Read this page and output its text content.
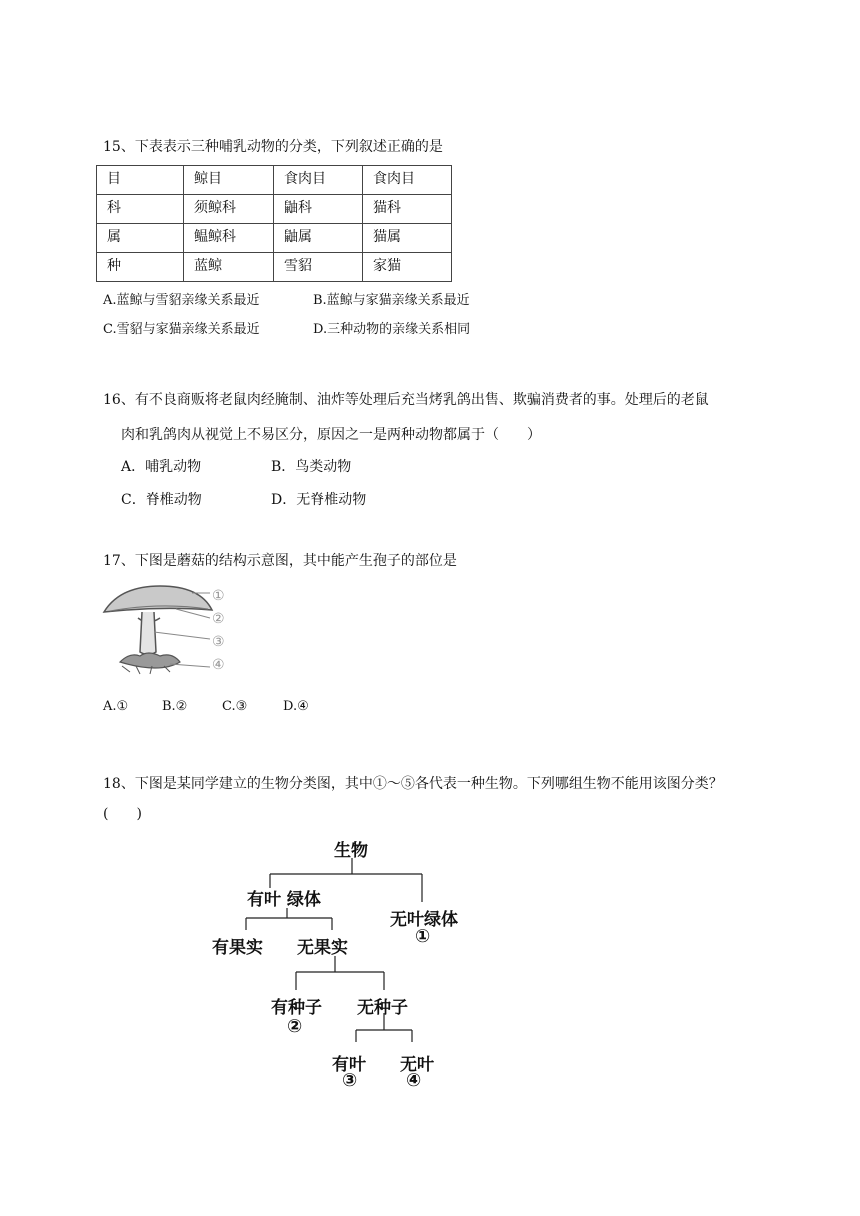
15、下表表示三种哺乳动物的分类，下列叙述正确的是
目	鲸目	食肉目	食肉目
科	须鲸科	鼬科	猫科
属	鳁鲸科	鼬属	猫属
种	蓝鲸	雪貂	家猫
A.蓝鲸与雪貂亲缘关系最近	B.蓝鲸与家猫亲缘关系最近
C.雪貂与家猫亲缘关系最近	D.三种动物的亲缘关系相同
16、有不良商贩将老鼠肉经腌制、油炸等处理后充当烤乳鸽出售、欺骗消费者的事。处理后的老鼠
肉和乳鸽肉从视觉上不易区分，原因之一是两种动物都属于（　　）
A．哺乳动物	B．鸟类动物
C．脊椎动物	D．无脊椎动物
17、下图是蘑菇的结构示意图，其中能产生孢子的部位是
①
②
③
④
A.①	B.②	C.③	D.④
18、下图是某同学建立的生物分类图，其中①～⑤各代表一种生物。下列哪组生物不能用该图分类？
(　　)
生物
有叶 绿体
无叶绿体
①
有果实 无果实
有种子
②
无种子
有叶
③
无叶
④
